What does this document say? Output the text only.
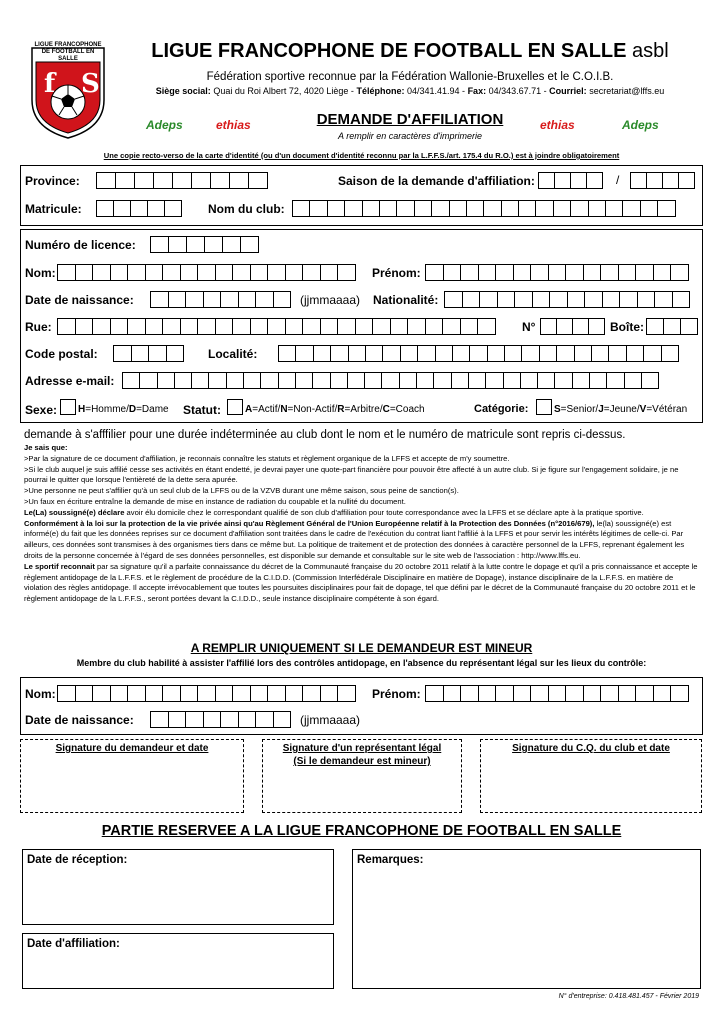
f S
LIGUE FRANCOPHONE DE FOOTBALL EN SALLE	LIGUE FRANCOPHONE DE FOOTBALL EN SALLE asbl
Fédération sportive reconnue par la Fédération Wallonie-Bruxelles et le C.O.I.B.
Siège social: Quai du Roi Albert 72, 4020 Liège - Téléphone: 04/341.41.94 - Fax: 04/343.67.71 - Courriel: secretariat@lffs.eu
Adeps	ethias	ethias	Adeps
DEMANDE D'AFFILIATION
A remplir en caractères d'imprimerie
Une copie recto-verso de la carte d'identité (ou d'un document d'identité reconnu par la L.F.F.S./art. 175.4 du R.O.) est à joindre obligatoirement
Province:	Saison de la demande d'affiliation:	/
Matricule:	Nom du club:
Numéro de licence:
Nom:	Prénom:
Date de naissance:	(jjmmaaaa) Nationalité:
Rue:	N°	Boîte:
Code postal:	Localité:
Adresse e-mail:
Sexe: H=Homme/D=Dame Statut: A=Actif/N=Non-Actif/R=Arbitre/C=Coach	Catégorie:	S=Senior/J=Jeune/V=Vétéran
demande à s'afffilier pour une durée indéterminée au club dont le nom et le numéro de matricule sont repris ci-dessus.
Je sais que:
>Par la signature de ce document d'affiliation, je reconnais connaître les statuts et règlement organique de la LFFS et accepte de m'y soumettre.
>Si le club auquel je suis affilié cesse ses activités en étant endetté, je devrai payer une quote-part financière pour pouvoir être affecté à un autre club. Si je figure sur l'engagement solidaire, je ne pourrai le quitter que lorsque l'entièreté de la dette sera apurée.
>Une personne ne peut s'affilier qu'à un seul club de la LFFS ou de la VZVB durant une même saison, sous peine de sanction(s).
>Un faux en écriture entraîne la demande de mise en instance de radiation du coupable et la nullité du document.
Le(La) soussigné(e) déclare avoir élu domicile chez le correspondant qualifié de son club d'affiliation pour toute correspondance avec la LFFS et se déclare apte à la pratique sportive.
Conformément à la loi sur la protection de la vie privée ainsi qu'au Règlement Général de l'Union Européenne relatif à la Protection des Données (n°2016/679), le(la) soussigné(e) est informé(e) du fait que les données reprises sur ce document d'affiliation sont traitées dans le cadre de l'exécution du contrat liant l'affilié à la LFFS et pour servir les intérêts légitimes de celle-ci. Par ailleurs, ces données sont transmises à des organismes tiers dans ce même but. La politique de traitement et de protection des données à caractère personnel de la LFFS, reprenant également les droits de la personne concernée à l'égard de ses données personnelles, est disponible sur demande et consultable sur le site web de l'association : http://www.lffs.eu.
Le sportif reconnait par sa signature qu'il a parfaite connaissance du décret de la Communauté française du 20 octobre 2011 relatif à la lutte contre le dopage et qu'il a pris connaissance et accepte le règlement antidopage de la L.F.F.S. et le règlement de procédure de la C.I.D.D. (Commission Interfédérale Disciplinaire en matière de Dopage), instance disciplinaire de la L.F.F.S. en matière de violation des règles antidopage. Il accepte irrévocablement que toutes les poursuites disciplinaires pour fait de dopage, tel que défini par le décret de la Communauté française du 20 octobre 2011 et le règlement antidopage de la L.F.F.S., seront portées devant la C.I.D.D., seule instance disciplinaire compétente à son égard.
A REMPLIR UNIQUEMENT SI LE DEMANDEUR EST MINEUR
Membre du club habilité à assister l'affilié lors des contrôles antidopage, en l'absence du représentant légal sur les lieux du contrôle:
Nom:	Prénom:
Date de naissance:	(jjmmaaaa)
Signature du demandeur et date	Signature d'un représentant légal
(Si le demandeur est mineur)
Signature du C.Q. du club et date
PARTIE RESERVEE A LA LIGUE FRANCOPHONE DE FOOTBALL EN SALLE
Date de réception:
Date d'affiliation:
Remarques:
N° d'entreprise: 0.418.481.457 - Février 2019
